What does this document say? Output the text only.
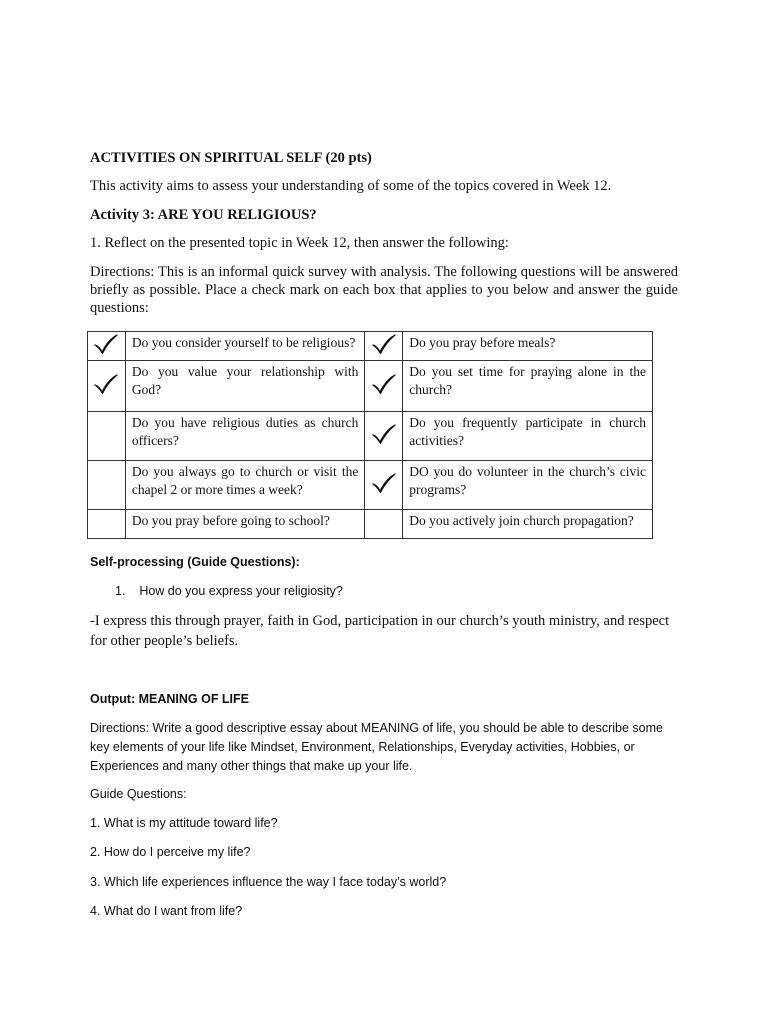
ACTIVITIES ON SPIRITUAL SELF (20 pts)
This activity aims to assess your understanding of some of the topics covered in Week 12.
Activity 3: ARE YOU RELIGIOUS?
1. Reflect on the presented topic in Week 12, then answer the following:
Directions: This is an informal quick survey with analysis. The following questions will be answered briefly as possible. Place a check mark on each box that applies to you below and answer the guide questions:
	Do you consider yourself to be religious?		Do you pray before meals?
	Do you value your relationship with God?		Do you set time for praying alone in the church?
	Do you have religious duties as church officers?		Do you frequently participate in church activities?
	Do you always go to church or visit the chapel 2 or more times a week?		DO you do volunteer in the church’s civic programs?
	Do you pray before going to school?		Do you actively join church propagation?
Self-processing (Guide Questions):
1.    How do you express your religiosity?
-I express this through prayer, faith in God, participation in our church’s youth ministry, and respect for other people’s beliefs.
Output: MEANING OF LIFE
Directions: Write a good descriptive essay about MEANING of life, you should be able to describe some key elements of your life like Mindset, Environment, Relationships, Everyday activities, Hobbies, or Experiences and many other things that make up your life.
Guide Questions:
1. What is my attitude toward life?
2. How do I perceive my life?
3. Which life experiences influence the way I face today’s world?
4. What do I want from life?
